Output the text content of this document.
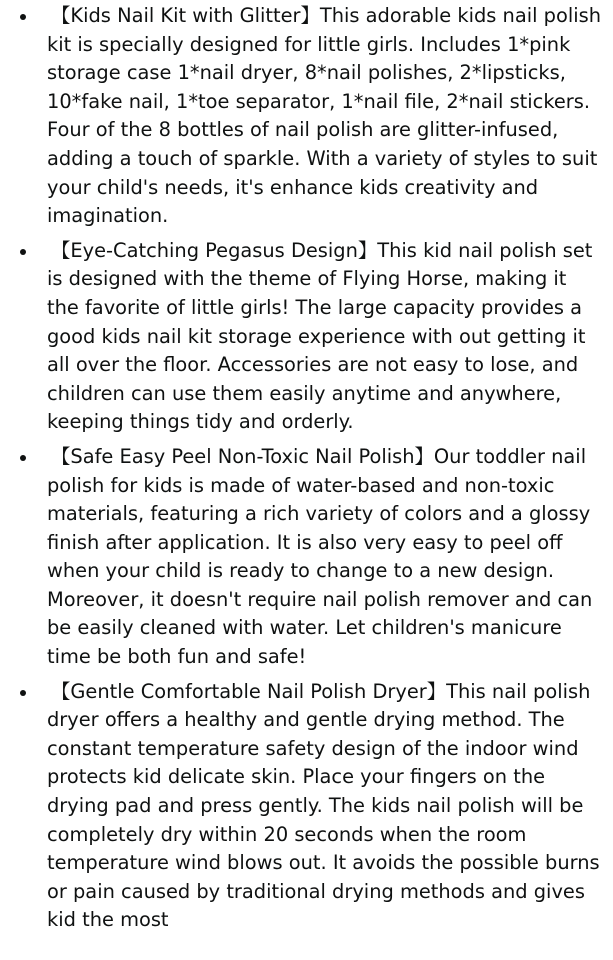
【Kids Nail Kit with Glitter】This adorable kids nail polish kit is specially designed for little girls. Includes 1*pink storage case 1*nail dryer, 8*nail polishes, 2*lipsticks, 10*fake nail, 1*toe separator, 1*nail file, 2*nail stickers. Four of the 8 bottles of nail polish are glitter-infused, adding a touch of sparkle. With a variety of styles to suit your child's needs, it's enhance kids creativity and imagination.
【Eye-Catching Pegasus Design】This kid nail polish set is designed with the theme of Flying Horse, making it the favorite of little girls! The large capacity provides a good kids nail kit storage experience with out getting it all over the floor. Accessories are not easy to lose, and children can use them easily anytime and anywhere, keeping things tidy and orderly.
【Safe Easy Peel Non-Toxic Nail Polish】Our toddler nail polish for kids is made of water-based and non-toxic materials, featuring a rich variety of colors and a glossy finish after application. It is also very easy to peel off when your child is ready to change to a new design. Moreover, it doesn't require nail polish remover and can be easily cleaned with water. Let children's manicure time be both fun and safe!
【Gentle Comfortable Nail Polish Dryer】This nail polish dryer offers a healthy and gentle drying method. The constant temperature safety design of the indoor wind protects kid delicate skin. Place your fingers on the drying pad and press gently. The kids nail polish will be completely dry within 20 seconds when the room temperature wind blows out. It avoids the possible burns or pain caused by traditional drying methods and gives kid the most
